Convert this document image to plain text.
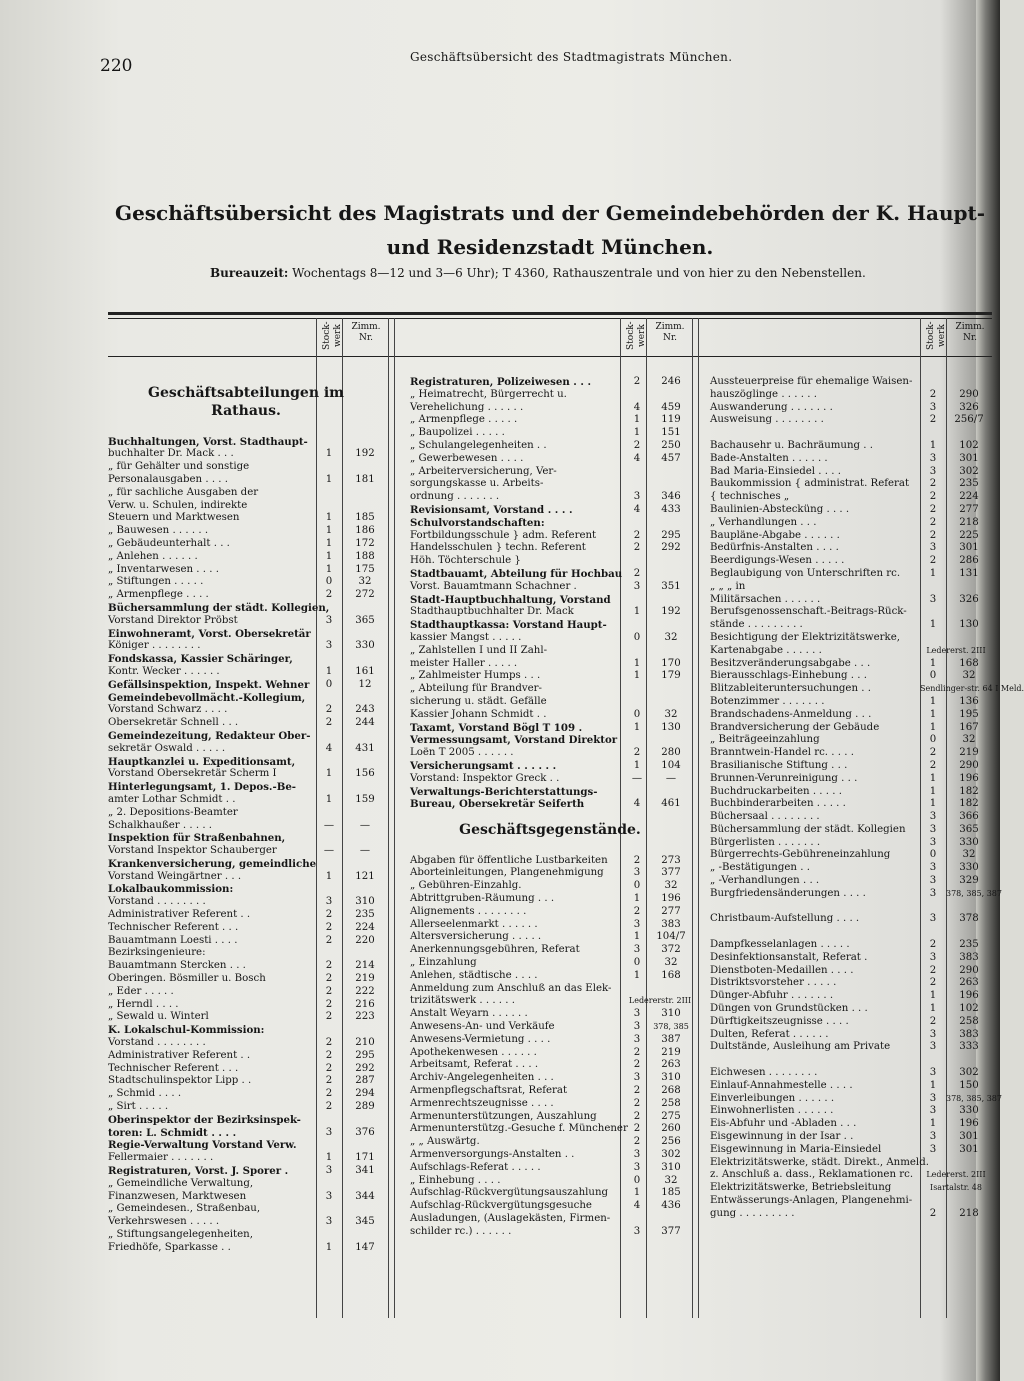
220	Geschäftsübersicht des Stadtmagistrats München.
Geschäftsübersicht des Magistrats und der Gemeindebehörden der K. Haupt- und Residenzstadt München.
Bureauzeit: Wochentags 8—12 und 3—6 Uhr); T 4360, Rathauszentrale und von hier zu den Nebenstellen.
Stock-werk Zimm. Nr.	Stock-werk Zimm. Nr.	Stock-werk Zimm. Nr.
Geschäftsabteilungen im
Rathaus.
Buchhaltungen, Vorst. Stadthaupt-
buchhalter Dr. Mack . . .	1	192
„ für Gehälter und sonstige
Personalausgaben . . . .	1	181
„ für sachliche Ausgaben der
Verw. u. Schulen, indirekte
Steuern und Marktwesen	1	185
„ Bauwesen . . . . . .	1	186
„ Gebäudeunterhalt . . .	1	172
„ Anlehen . . . . . .	1	188
„ Inventarwesen . . . .	1	175
„ Stiftungen . . . . .	0	32
„ Armenpflege . . . .	2	272
Büchersammlung der städt. Kollegien,
Vorstand Direktor Pröbst	3	365
Einwohneramt, Vorst. Obersekretär
Königer . . . . . . . .	3	330
Fondskassa, Kassier Schäringer,
Kontr. Wecker . . . . . .	1	161
Gefällsinspektion, Inspekt. Wehner	0	12
Gemeindebevollmächt.-Kollegium,
Vorstand Schwarz . . . .	2	243
Obersekretär Schnell . . .	2	244
Gemeindezeitung, Redakteur Ober-
sekretär Oswald . . . . .	4	431
Hauptkanzlei u. Expeditionsamt,
Vorstand Obersekretär Scherm I	1	156
Hinterlegungsamt, 1. Depos.-Be-
amter Lothar Schmidt . .	1	159
„ 2. Depositions-Beamter
Schalkhaußer . . . . .	—	—
Inspektion für Straßenbahnen,
Vorstand Inspektor Schauberger	—	—
Krankenversicherung, gemeindliche
Vorstand Weingärtner . . .	1	121
Lokalbaukommission:
Vorstand . . . . . . . .	3	310
Administrativer Referent . .	2	235
Technischer Referent . . .	2	224
Bauamtmann Loesti . . . .	2	220
Bezirksingenieure:
Bauamtmann Stercken . . .	2	214
Oberingen. Bösmiller u. Bosch	2	219
„ Eder . . . . .	2	222
„ Herndl . . . .	2	216
„ Sewald u. Winterl	2	223
K. Lokalschul-Kommission:
Vorstand . . . . . . . .	2	210
Administrativer Referent . .	2	295
Technischer Referent . . .	2	292
Stadtschulinspektor Lipp . .	2	287
„ Schmid . . . .	2	294
„ Sirt . . . . .	2	289
Oberinspektor der Bezirksinspek-
toren: L. Schmidt . . . .	3	376
Regie-Verwaltung Vorstand Verw.
Fellermaier . . . . . . .	1	171
Registraturen, Vorst. J. Sporer .	3	341
„ Gemeindliche Verwaltung,
Finanzwesen, Marktwesen	3	344
„ Gemeindesen., Straßenbau,
Verkehrswesen . . . . .	3	345
„ Stiftungsangelegenheiten,
Friedhöfe, Sparkasse . .	1	147
Registraturen, Polizeiwesen . . .	2	246
„ Heimatrecht, Bürgerrecht u.
Verehelichung . . . . . .	4	459
„ Armenpflege . . . . .	1	119
„ Baupolizei . . . . .	1	151
„ Schulangelegenheiten . .	2	250
„ Gewerbewesen . . . .	4	457
„ Arbeiterversicherung, Ver-
sorgungskasse u. Arbeits-
ordnung . . . . . . .	3	346
Revisionsamt, Vorstand . . . .	4	433
Schulvorstandschaften:
Fortbildungsschule } adm. Referent	2	295
Handelsschulen } techn. Referent	2	292
Höh. Töchterschule }
Stadtbauamt, Abteilung für Hochbau	2
Vorst. Bauamtmann Schachner .	3	351
Stadt-Hauptbuchhaltung, Vorstand
Stadthauptbuchhalter Dr. Mack	1	192
Stadthauptkassa: Vorstand Haupt-
kassier Mangst . . . . .	0	32
„ Zahlstellen I und II Zahl-
meister Haller . . . . .	1	170
„ Zahlmeister Humps . . .	1	179
„ Abteilung für Brandver-
sicherung u. städt. Gefälle
Kassier Johann Schmidt . .	0	32
Taxamt, Vorstand Bögl T 109 .	1	130
Vermessungsamt, Vorstand Direktor
Loën T 2005 . . . . . .	2	280
Versicherungsamt . . . . . .	1	104
Vorstand: Inspektor Greck . .	—	—
Verwaltungs-Berichterstattungs-
Bureau, Obersekretär Seiferth	4	461
Geschäftsgegenstände.
Abgaben für öffentliche Lustbarkeiten	2	273
Aborteinleitungen, Plangenehmigung	3	377
„ Gebühren-Einzahlg.	0	32
Abtrittgruben-Räumung . . .	1	196
Alignements . . . . . . . .	2	277
Allerseelenmarkt . . . . . .	3	383
Altersversicherung . . . . .	1	104/7
Anerkennungsgebühren, Referat	3	372
„ Einzahlung	0	32
Anlehen, städtische . . . .	1	168
Anmeldung zum Anschluß an das Elek-
trizitätswerk . . . . . .	Ledererstr. 2III
Anstalt Weyarn . . . . . .	3	310
Anwesens-An- und Verkäufe	3	378, 385
Anwesens-Vermietung . . . .	3	387
Apothekenwesen . . . . . .	2	219
Arbeitsamt, Referat . . . .	2	263
Archiv-Angelegenheiten . . .	3	310
Armenpflegschaftsrat, Referat	2	268
Armenrechtszeugnisse . . . .	2	258
Armenunterstützungen, Auszahlung	2	275
Armenunterstützg.-Gesuche f. Münchener 2	260
„ „ Auswärtg.	2	256
Armenversorgungs-Anstalten . .	3	302
Aufschlags-Referat . . . . .	3	310
„ Einhebung . . . .	0	32
Aufschlag-Rückvergütungsauszahlung	1	185
Aufschlag-Rückvergütungsgesuche	4	436
Ausladungen, (Auslagekästen, Firmen-
schilder rc.) . . . . . .	3	377
Aussteuerpreise für ehemalige Waisen-
hauszöglinge . . . . . .	2	290
Auswanderung . . . . . . .	3	326
Ausweisung . . . . . . . .	2	256/7
Bachausehr u. Bachräumung . .	1	102
Bade-Anstalten . . . . . .	3	301
Bad Maria-Einsiedel . . . .	3	302
Baukommission { administrat. Referat	2	235
{ technisches „	2	224
Baulinien-Abstecküng . . . .	2	277
„ Verhandlungen . . .	2	218
Baupläne-Abgabe . . . . . .	2	225
Bedürfnis-Anstalten . . . .	3	301
Beerdigungs-Wesen . . . . .	2	286
Beglaubigung von Unterschriften rc.	1	131
„ „ „ in
Militärsachen . . . . . .	3	326
Berufsgenossenschaft.-Beitrags-Rück-
stände . . . . . . . . .	1	130
Besichtigung der Elektrizitätswerke,
Kartenabgabe . . . . . .	Ledererst. 2III
Besitzveränderungsabgabe . . .	1	168
Bierausschlags-Einhebung . . .	0	32
Blitzableiteruntersuchungen . .	Sendlinger-str. 64 I Meld.
Botenzimmer . . . . . . .	1	136
Brandschadens-Anmeldung . . .	1	195
Brandversicherung der Gebäude	1	167
„ Beiträgeeinzahlung	0	32
Branntwein-Handel rc. . . . .	2	219
Brasilianische Stiftung . . .	2	290
Brunnen-Verunreinigung . . .	1	196
Buchdruckarbeiten . . . . .	1	182
Buchbinderarbeiten . . . . .	1	182
Büchersaal . . . . . . . .	3	366
Büchersammlung der städt. Kollegien	3	365
Bürgerlisten . . . . . . .	3	330
Bürgerrechts-Gebühreneinzahlung	0	32
„ -Bestätigungen . .	3	330
„ -Verhandlungen . . .	3	329
Burgfriedensänderungen . . . .	3	378, 385, 387
Christbaum-Aufstellung . . . .	3	378
Dampfkesselanlagen . . . . .	2	235
Desinfektionsanstalt, Referat .	3	383
Dienstboten-Medaillen . . . .	2	290
Distriktsvorsteher . . . . .	2	263
Dünger-Abfuhr . . . . . . .	1	196
Düngen von Grundstücken . . .	1	102
Dürftigkeitszeugnisse . . . .	2	258
Dulten, Referat . . . . . .	3	383
Dultstände, Ausleihung am Private	3	333
Eichwesen . . . . . . . .	3	302
Einlauf-Annahmestelle . . . .	1	150
Einverleibungen . . . . . .	3	378, 385, 387
Einwohnerlisten . . . . . .	3	330
Eis-Abfuhr und -Abladen . . .	1	196
Eisgewinnung in der Isar . .	3	301
Eisgewinnung in Maria-Einsiedel	3	301
Elektrizitätswerke, städt. Direkt., Anmeld.
z. Anschluß a. dass., Reklamationen rc.	Ledererst. 2III
Elektrizitätswerke, Betriebsleitung	Isartalstr. 48
Entwässerungs-Anlagen, Plangenehmi-
gung . . . . . . . . .	2	218
